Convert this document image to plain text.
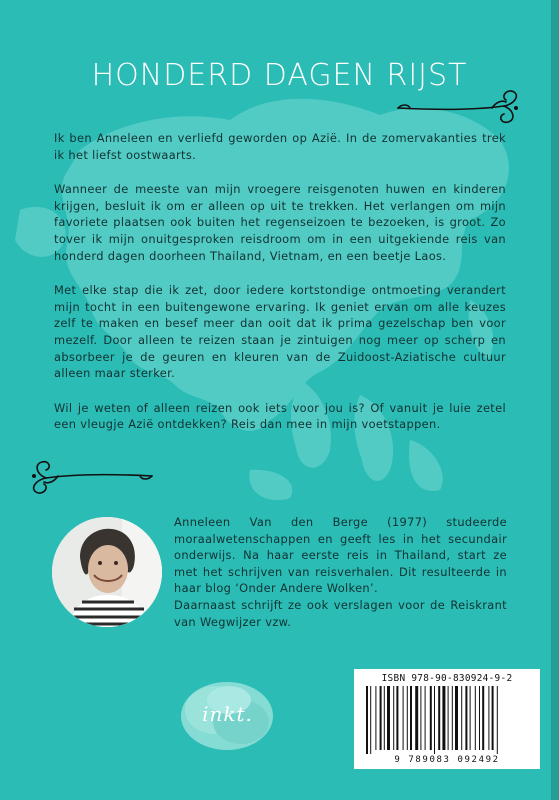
HONDERD DAGEN RIJST

Ik ben Anneleen en verliefd geworden op Azië. In de zomervakanties trek ik het liefst oostwaarts.

Wanneer de meeste van mijn vroegere reisgenoten huwen en kinderen krijgen, besluit ik om er alleen op uit te trekken. Het verlangen om mijn favoriete plaatsen ook buiten het regenseizoen te bezoeken, is groot. Zo tover ik mijn onuitgesproken reisdroom om in een uitgekiende reis van honderd dagen doorheen Thailand, Vietnam, en een beetje Laos.

Met elke stap die ik zet, door iedere kortstondige ontmoeting verandert mijn tocht in een buitengewone ervaring. Ik geniet ervan om alle keuzes zelf te maken en besef meer dan ooit dat ik prima gezelschap ben voor mezelf. Door alleen te reizen staan je zintuigen nog meer op scherp en absorbeer je de geuren en kleuren van de Zuidoost-Aziatische cultuur alleen maar sterker.

Wil je weten of alleen reizen ook iets voor jou is? Of vanuit je luie zetel een vleugje Azië ontdekken? Reis dan mee in mijn voetstappen.

Anneleen Van den Berge (1977) studeerde moraalwetenschappen en geeft les in het secundair onderwijs. Na haar eerste reis in Thailand, start ze met het schrijven van reisverhalen. Dit resulteerde in haar blog ‘Onder Andere Wolken’.

Daarnaast schrijft ze ook verslagen voor de Reiskrant van Wegwijzer vzw.

inkt.
ISBN 978-90-830924-9-2
9 789083 092492
